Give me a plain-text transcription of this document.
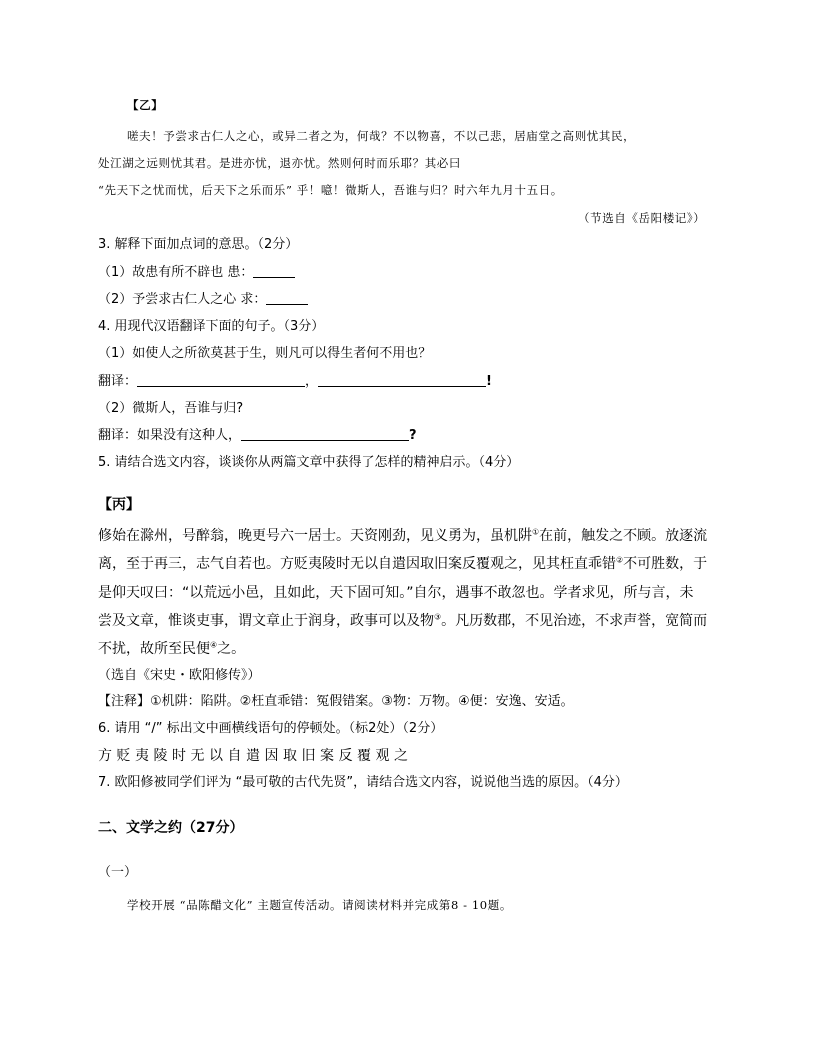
【乙】
嗟夫！予尝求古仁人之心，或异二者之为，何哉？不以物喜，不以己悲，居庙堂之高则忧其民，
处江湖之远则忧其君。是进亦忧，退亦忧。然则何时而乐耶？其必曰
“先天下之忧而忧，后天下之乐而乐” 乎！噫！微斯人，吾谁与归？时六年九月十五日。
（节选自《岳阳楼记》）
3. 解释下面加点词的意思。（2分）
（1）故患有所不辟也 患：
（2）予尝求古仁人之心 求：
4. 用现代汉语翻译下面的句子。（3分）
（1）如使人之所欲莫甚于生，则凡可以得生者何不用也？
翻译：	，	!
（2）微斯人，吾谁与归?
翻译：如果没有这种人，	?
5. 请结合选文内容，谈谈你从两篇文章中获得了怎样的精神启示。（4分）
【丙】
修始在滁州，号醉翁，晚更号六一居士。天资刚劲，见义勇为，虽机阱①在前，触发之不顾。放逐流
离，至于再三，志气自若也。方贬夷陵时无以自遣因取旧案反覆观之，见其枉直乖错②不可胜数，于
是仰天叹曰：“以荒远小邑，且如此，天下固可知。”自尔，遇事不敢忽也。学者求见，所与言，未
尝及文章，惟谈吏事，谓文章止于润身，政事可以及物③。凡历数郡，不见治迹，不求声誉，宽简而
不扰，故所至民便④之。
（选自《宋史・欧阳修传》）
【注释】①机阱：陷阱。②枉直乖错：冤假错案。③物：万物。④便：安逸、安适。
6. 请用 “/” 标出文中画横线语句的停顿处。（标2处）（2分）
方贬夷陵时无以自遣因取旧案反覆观之
7. 欧阳修被同学们评为 “最可敬的古代先贤”，请结合选文内容，说说他当选的原因。（4分）
二、文学之约（27分）
（一）
学校开展 “品陈醋文化” 主题宣传活动。请阅读材料并完成第8 - 10题。
